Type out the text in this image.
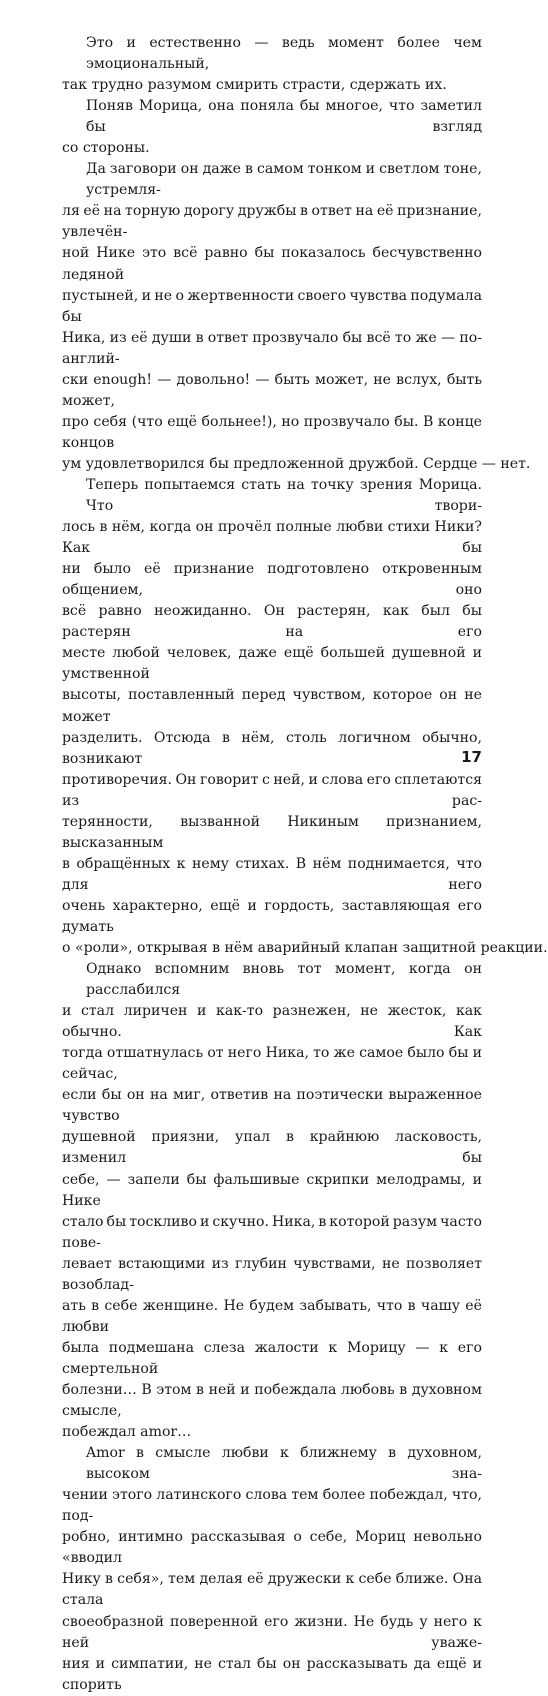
Это и естественно — ведь момент более чем эмоциональный,
так трудно разумом смирить страсти, сдержать их.
Поняв Морица, она поняла бы многое, что заметил бы взгляд
со стороны.
Да заговори он даже в самом тонком и светлом тоне, устремля-
ля её на торную дорогу дружбы в ответ на её признание, увлечён-
ной Нике это всё равно бы показалось бесчувственно ледяной
пустыней, и не о жертвенности своего чувства подумала бы
Ника, из её души в ответ прозвучало бы всё то же — по-англий-
ски enough! — довольно! — быть может, не вслух, быть может,
про себя (что ещё больнее!), но прозвучало бы. В конце концов
ум удовлетворился бы предложенной дружбой. Сердце — нет.
Теперь попытаемся стать на точку зрения Морица. Что твори-
лось в нём, когда он прочёл полные любви стихи Ники? Как бы
ни было её признание подготовлено откровенным общением, оно
всё равно неожиданно. Он растерян, как был бы растерян на его
месте любой человек, даже ещё большей душевной и умственной
высоты, поставленный перед чувством, которое он не может
разделить. Отсюда в нём, столь логичном обычно, возникают
противоречия. Он говорит с ней, и слова его сплетаются из рас-
терянности, вызванной Никиным признанием, высказанным
в обращённых к нему стихах. В нём поднимается, что для него
очень характерно, ещё и гордость, заставляющая его думать
о «роли», открывая в нём аварийный клапан защитной реакции.
Однако вспомним вновь тот момент, когда он расслабился
и стал лиричен и как-то разнежен, не жесток, как обычно. Как
тогда отшатнулась от него Ника, то же самое было бы и сейчас,
если бы он на миг, ответив на поэтически выраженное чувство
душевной приязни, упал в крайнюю ласковость, изменил бы
себе, — запели бы фальшивые скрипки мелодрамы, и Нике
стало бы тоскливо и скучно. Ника, в которой разум часто пове-
левает встающими из глубин чувствами, не позволяет возоблад-
ать в себе женщине. Не будем забывать, что в чашу её любви
была подмешана слеза жалости к Морицу — к его смертельной
болезни… В этом в ней и побеждала любовь в духовном смысле,
побеждал amor…
Amor в смысле любви к ближнему в духовном, высоком зна-
чении этого латинского слова тем более побеждал, что, под-
робно, интимно рассказывая о себе, Мориц невольно «вводил
Нику в себя», тем делая её дружески к себе ближе. Она стала
своеобразной поверенной его жизни. Не будь у него к ней уваже-
ния и симпатии, не стал бы он рассказывать да ещё и спорить
17
